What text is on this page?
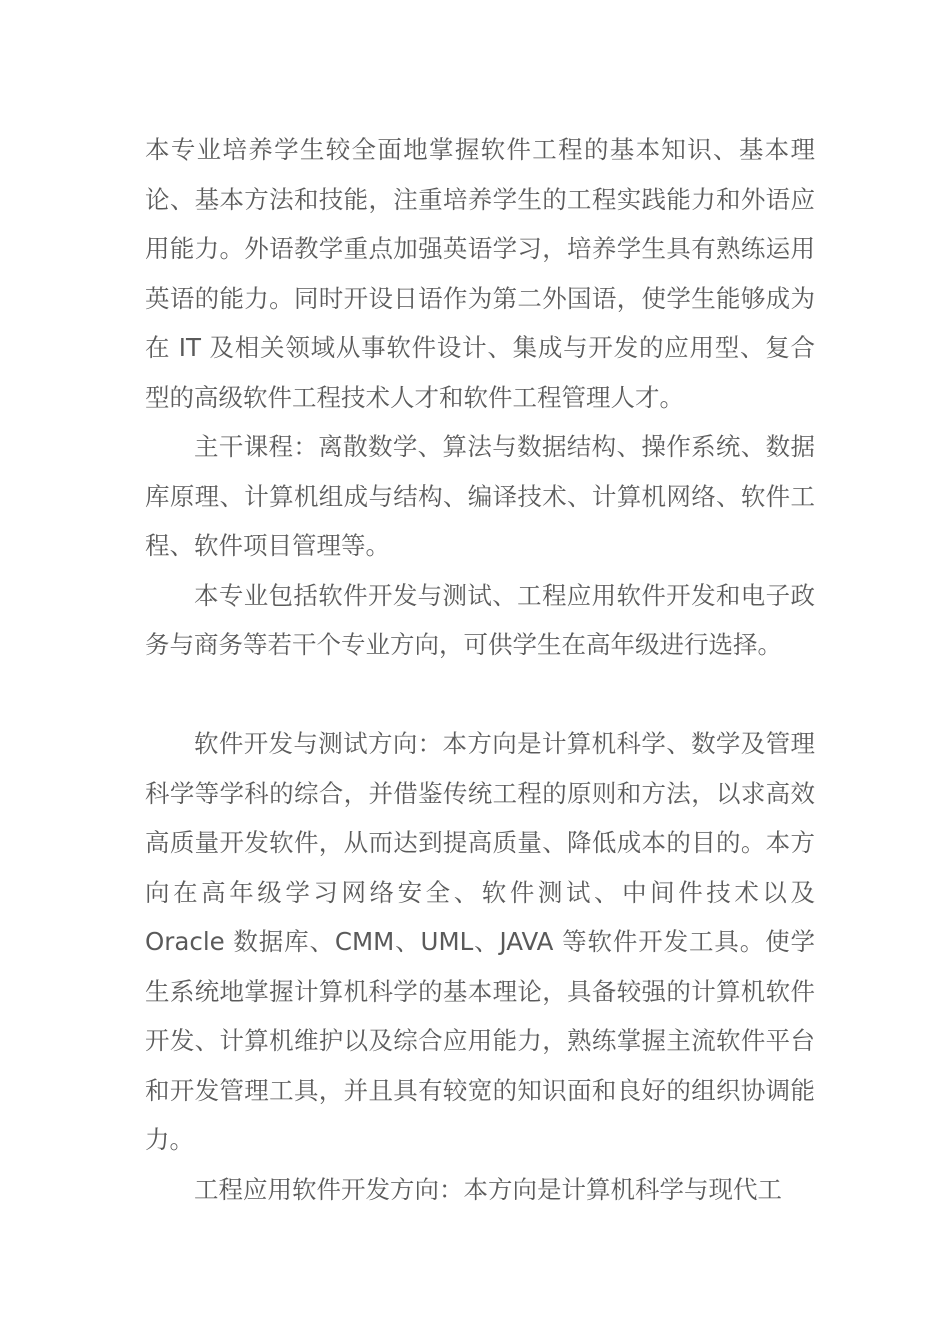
本专业培养学生较全面地掌握软件工程的基本知识、基本理论、基本方法和技能，注重培养学生的工程实践能力和外语应用能力。外语教学重点加强英语学习，培养学生具有熟练运用英语的能力。同时开设日语作为第二外国语，使学生能够成为在 IT 及相关领域从事软件设计、集成与开发的应用型、复合型的高级软件工程技术人才和软件工程管理人才。

主干课程：离散数学、算法与数据结构、操作系统、数据库原理、计算机组成与结构、编译技术、计算机网络、软件工程、软件项目管理等。

本专业包括软件开发与测试、工程应用软件开发和电子政务与商务等若干个专业方向，可供学生在高年级进行选择。

软件开发与测试方向：本方向是计算机科学、数学及管理科学等学科的综合，并借鉴传统工程的原则和方法，以求高效高质量开发软件，从而达到提高质量、降低成本的目的。本方向在高年级学习网络安全、软件测试、中间件技术以及 Oracle 数据库、CMM、UML、JAVA 等软件开发工具。使学生系统地掌握计算机科学的基本理论，具备较强的计算机软件开发、计算机维护以及综合应用能力，熟练掌握主流软件平台和开发管理工具，并且具有较宽的知识面和良好的组织协调能力。

工程应用软件开发方向：本方向是计算机科学与现代工
